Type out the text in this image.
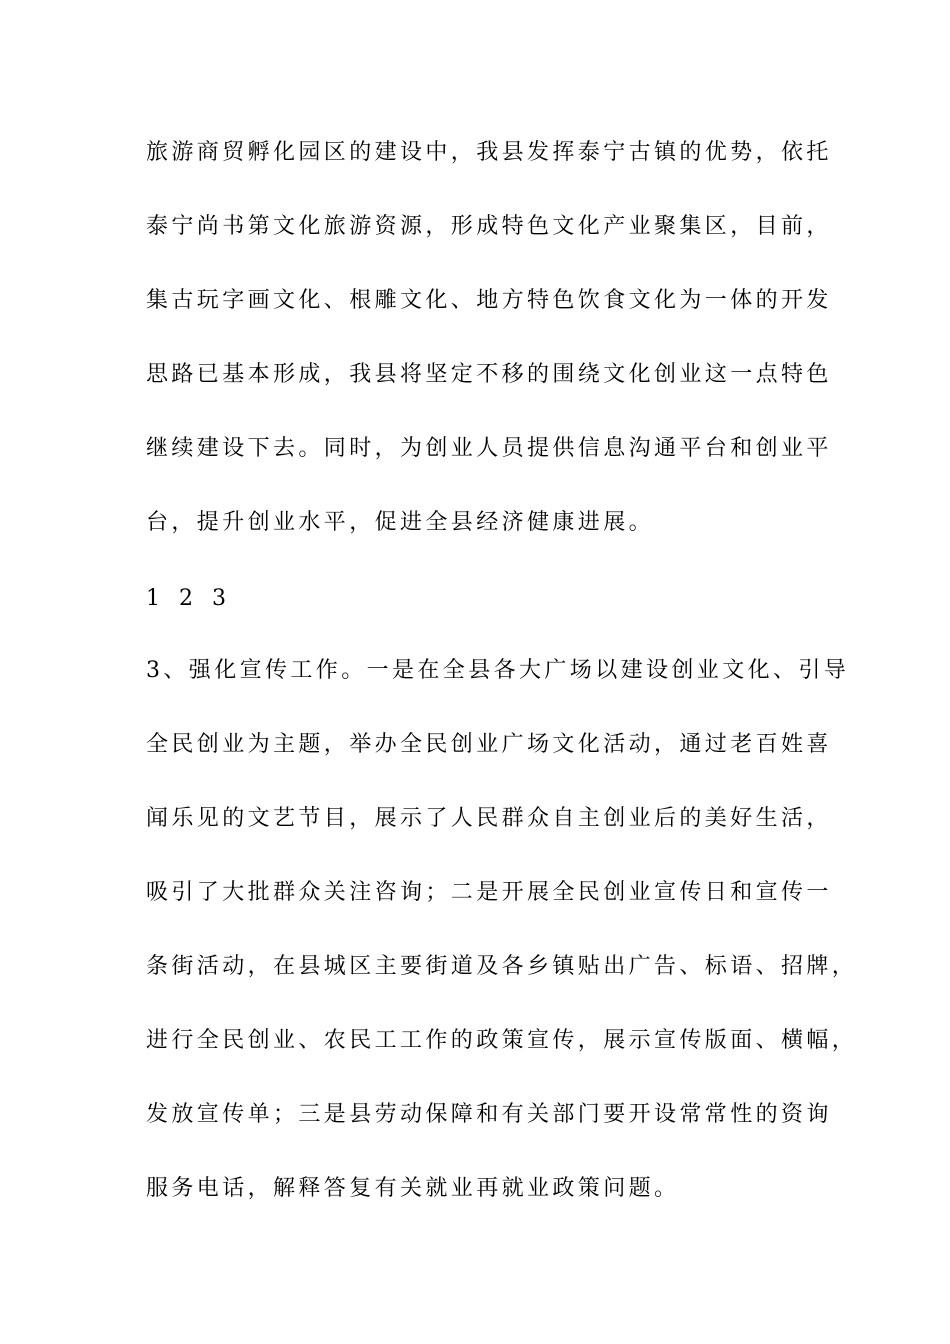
旅游商贸孵化园区的建设中，我县发挥泰宁古镇的优势，依托
泰宁尚书第文化旅游资源，形成特色文化产业聚集区，目前，
集古玩字画文化、根雕文化、地方特色饮食文化为一体的开发
思路已基本形成，我县将坚定不移的围绕文化创业这一点特色
继续建设下去。同时，为创业人员提供信息沟通平台和创业平
台，提升创业水平，促进全县经济健康进展。
1 2 3
3、强化宣传工作。一是在全县各大广场以建设创业文化、引导
全民创业为主题，举办全民创业广场文化活动，通过老百姓喜
闻乐见的文艺节目，展示了人民群众自主创业后的美好生活，
吸引了大批群众关注咨询；二是开展全民创业宣传日和宣传一
条街活动，在县城区主要街道及各乡镇贴出广告、标语、招牌，
进行全民创业、农民工工作的政策宣传，展示宣传版面、横幅，
发放宣传单；三是县劳动保障和有关部门要开设常常性的资询
服务电话，解释答复有关就业再就业政策问题。
